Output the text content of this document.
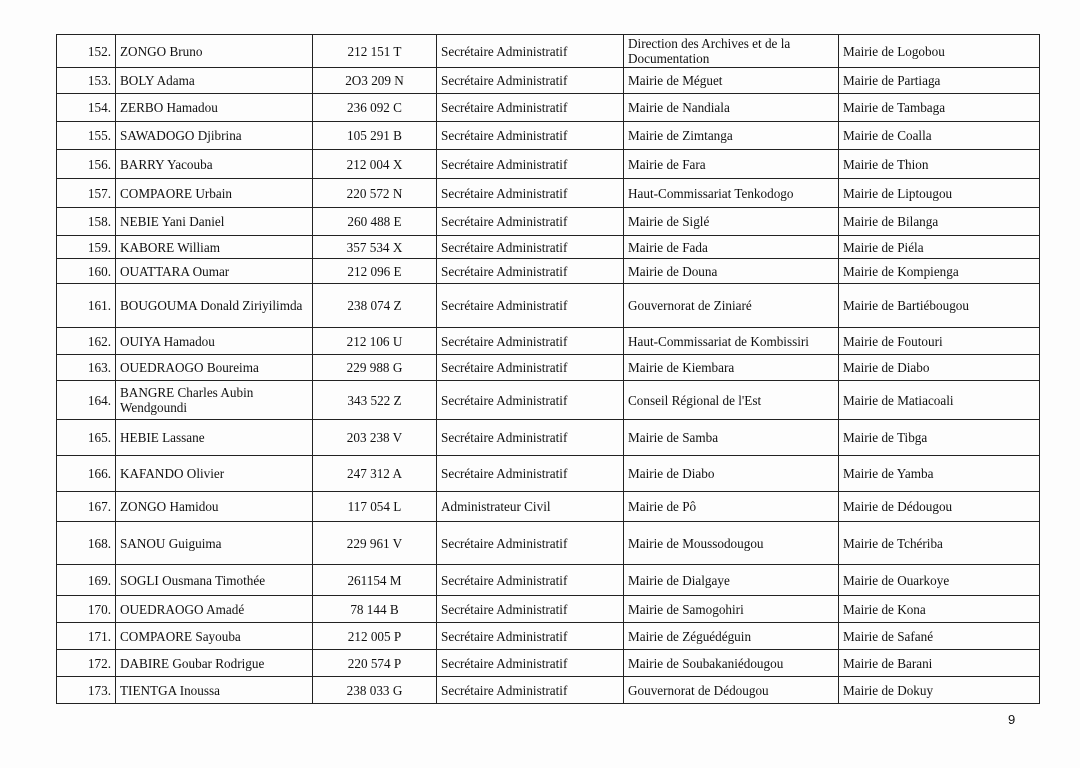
152.	ZONGO Bruno	212 151 T	Secrétaire Administratif	Direction des Archives et de la Documentation	Mairie de Logobou
153.	BOLY Adama	2O3 209 N	Secrétaire Administratif	Mairie de Méguet	Mairie de Partiaga
154.	ZERBO Hamadou	236 092 C	Secrétaire Administratif	Mairie de Nandiala	Mairie de Tambaga
155.	SAWADOGO Djibrina	105 291 B	Secrétaire Administratif	Mairie de Zimtanga	Mairie de Coalla
156.	BARRY Yacouba	212 004 X	Secrétaire Administratif	Mairie de Fara	Mairie de Thion
157.	COMPAORE Urbain	220 572 N	Secrétaire Administratif	Haut-Commissariat Tenkodogo	Mairie de Liptougou
158.	NEBIE Yani Daniel	260 488 E	Secrétaire Administratif	Mairie de Siglé	Mairie de Bilanga
159.	KABORE William	357 534 X	Secrétaire Administratif	Mairie de Fada	Mairie de Piéla
160.	OUATTARA Oumar	212 096 E	Secrétaire Administratif	Mairie de Douna	Mairie de Kompienga
161.	BOUGOUMA Donald Ziriyilimda	238 074 Z	Secrétaire Administratif	Gouvernorat de Ziniaré	Mairie de Bartiébougou
162.	OUIYA Hamadou	212 106 U	Secrétaire Administratif	Haut-Commissariat de Kombissiri	Mairie de Foutouri
163.	OUEDRAOGO Boureima	229 988 G	Secrétaire Administratif	Mairie de Kiembara	Mairie de Diabo
164.	BANGRE Charles Aubin Wendgoundi	343 522 Z	Secrétaire Administratif	Conseil Régional de l'Est	Mairie de Matiacoali
165.	HEBIE Lassane	203 238 V	Secrétaire Administratif	Mairie de Samba	Mairie de Tibga
166.	KAFANDO Olivier	247 312 A	Secrétaire Administratif	Mairie de Diabo	Mairie de Yamba
167.	ZONGO Hamidou	117 054 L	Administrateur Civil	Mairie de Pô	Mairie de Dédougou
168.	SANOU Guiguima	229 961 V	Secrétaire Administratif	Mairie de Moussodougou	Mairie de Tchériba
169.	SOGLI Ousmana Timothée	261154 M	Secrétaire Administratif	Mairie de Dialgaye	Mairie de Ouarkoye
170.	OUEDRAOGO Amadé	78 144 B	Secrétaire Administratif	Mairie de Samogohiri	Mairie de Kona
171.	COMPAORE Sayouba	212 005 P	Secrétaire Administratif	Mairie de Zéguédéguin	Mairie de Safané
172.	DABIRE Goubar Rodrigue	220 574 P	Secrétaire Administratif	Mairie de Soubakaniédougou	Mairie de Barani
173.	TIENTGA Inoussa	238 033 G	Secrétaire Administratif	Gouvernorat de Dédougou	Mairie de Dokuy
9
